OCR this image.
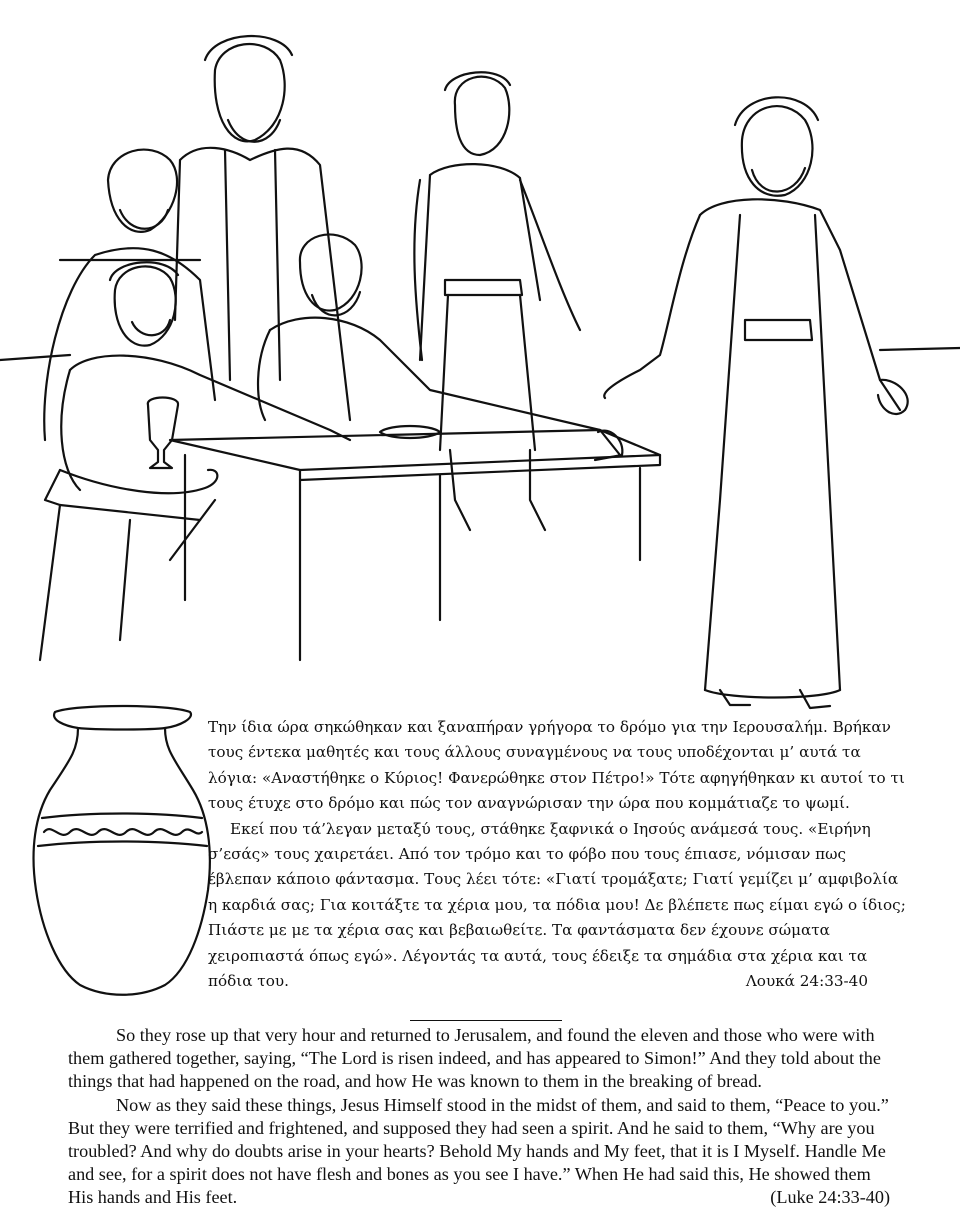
Την ίδια ώρα σηκώθηκαν και ξαναπήραν γρήγορα το δρόμο για την Ιερουσαλήμ. Βρήκαν τους έντεκα μαθητές και τους άλλους συναγμένους να τους υποδέχονται μ’ αυτά τα λόγια: «Αναστήθηκε ο Κύριος! Φανερώθηκε στον Πέτρο!» Τότε αφηγήθηκαν κι αυτοί το τι τους έτυχε στο δρόμο και πώς τον αναγνώρισαν την ώρα που κομμάτιαζε το ψωμί.

Εκεί που τά’λεγαν μεταξύ τους, στάθηκε ξαφνικά ο Ιησούς ανάμεσά τους. «Ειρήνη σ’εσάς» τους χαιρετάει. Από τον τρόμο και το φόβο που τους έπιασε, νόμισαν πως έβλεπαν κάποιο φάντασμα. Τους λέει τότε: «Γιατί τρομάξατε; Γιατί γεμίζει μ’ αμφιβολία η καρδιά σας; Για κοιτάξτε τα χέρια μου, τα πόδια μου! Δε βλέπετε πως είμαι εγώ ο ίδιος; Πιάστε με με τα χέρια σας και βεβαιωθείτε. Τα φαντάσματα δεν έχουνε σώματα χειροπιαστά όπως εγώ». Λέγοντάς τα αυτά, τους έδειξε τα σημάδια στα χέρια και τα πόδια του.	Λουκά 24:33-40

So they rose up that very hour and returned to Jerusalem, and found the eleven and those who were with them gathered together, saying, “The Lord is risen indeed, and has appeared to Simon!” And they told about the things that had happened on the road, and how He was known to them in the breaking of bread.

Now as they said these things, Jesus Himself stood in the midst of them, and said to them, “Peace to you.” But they were terrified and frightened, and supposed they had seen a spirit. And he said to them, “Why are you troubled? And why do doubts arise in your hearts? Behold My hands and My feet, that it is I Myself. Handle Me and see, for a spirit does not have flesh and bones as you see I have.” When He had said this, He showed them His hands and His feet.	(Luke 24:33-40)
